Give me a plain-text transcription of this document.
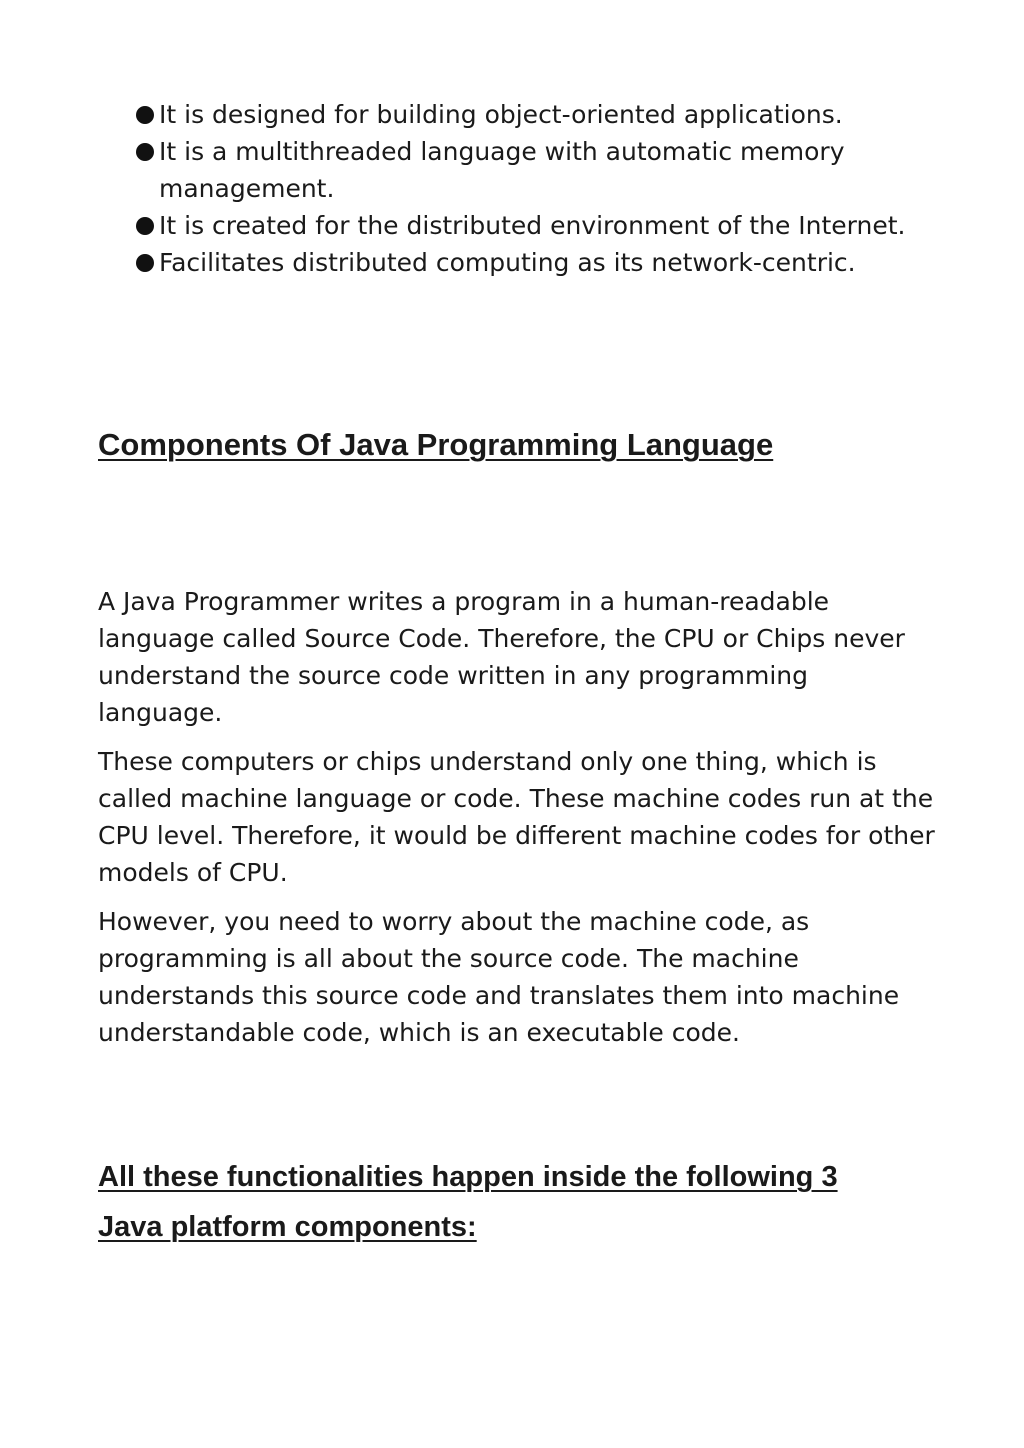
It is designed for building object-oriented applications.
It is a multithreaded language with automatic memory management.
It is created for the distributed environment of the Internet.
Facilitates distributed computing as its network-centric.
Components Of Java Programming Language

A Java Programmer writes a program in a human-readable language called Source Code. Therefore, the CPU or Chips never understand the source code written in any programming language.

These computers or chips understand only one thing, which is called machine language or code. These machine codes run at the CPU level. Therefore, it would be different machine codes for other models of CPU.

However, you need to worry about the machine code, as programming is all about the source code. The machine understands this source code and translates them into machine understandable code, which is an executable code.

All these functionalities happen inside the following 3 Java platform components:
